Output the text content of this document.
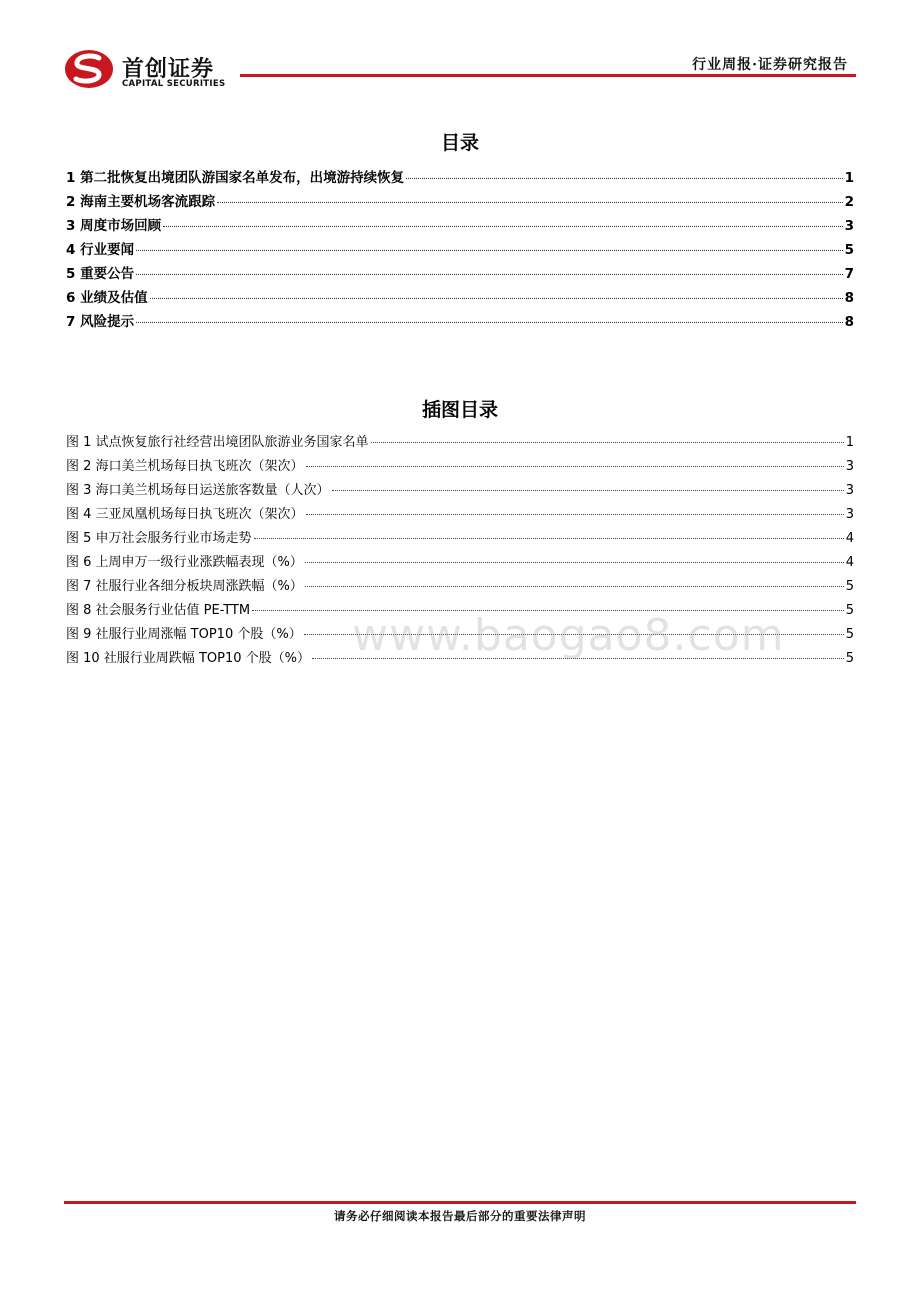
首创证券
CAPITAL SECURITIES
行业周报·证券研究报告
目录
1 第二批恢复出境团队游国家名单发布，出境游持续恢复	1
2 海南主要机场客流跟踪	2
3 周度市场回顾	3
4 行业要闻	5
5 重要公告	7
6 业绩及估值	8
7 风险提示	8
插图目录
图 1 试点恢复旅行社经营出境团队旅游业务国家名单	1
图 2 海口美兰机场每日执飞班次（架次）	3
图 3 海口美兰机场每日运送旅客数量（人次）	3
图 4 三亚凤凰机场每日执飞班次（架次）	3
图 5 申万社会服务行业市场走势	4
图 6 上周申万一级行业涨跌幅表现（%）	4
图 7 社服行业各细分板块周涨跌幅（%）	5
图 8 社会服务行业估值 PE-TTM	5
图 9 社服行业周涨幅 TOP10 个股（%）	5
图 10 社服行业周跌幅 TOP10 个股（%）	5
www.baogao8.com
请务必仔细阅读本报告最后部分的重要法律声明
